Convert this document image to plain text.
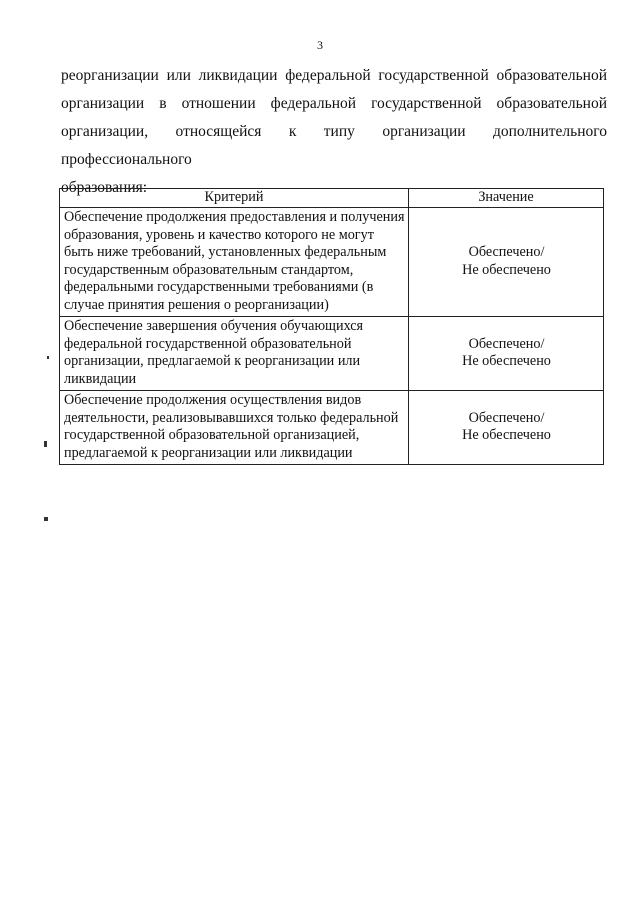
3
реорганизации или ликвидации федеральной государственной образовательной
организации в отношении федеральной государственной образовательной
организации, относящейся к типу организации дополнительного профессионального
образования:
Критерий	Значение
Обеспечение продолжения предоставления и получения образования, уровень и качество которого не могут быть ниже требований, установленных федеральным государственным образовательным стандартом, федеральными государственными требованиями (в случае принятия решения о реорганизации)	Обеспечено/
Не обеспечено

Обеспечение завершения обучения обучающихся федеральной государственной образовательной организации, предлагаемой к реорганизации или ликвидации	Обеспечено/
Не обеспечено

Обеспечение продолжения осуществления видов деятельности, реализовывавшихся только федеральной государственной образовательной организацией, предлагаемой к реорганизации или ликвидации	Обеспечено/
Не обеспечено
